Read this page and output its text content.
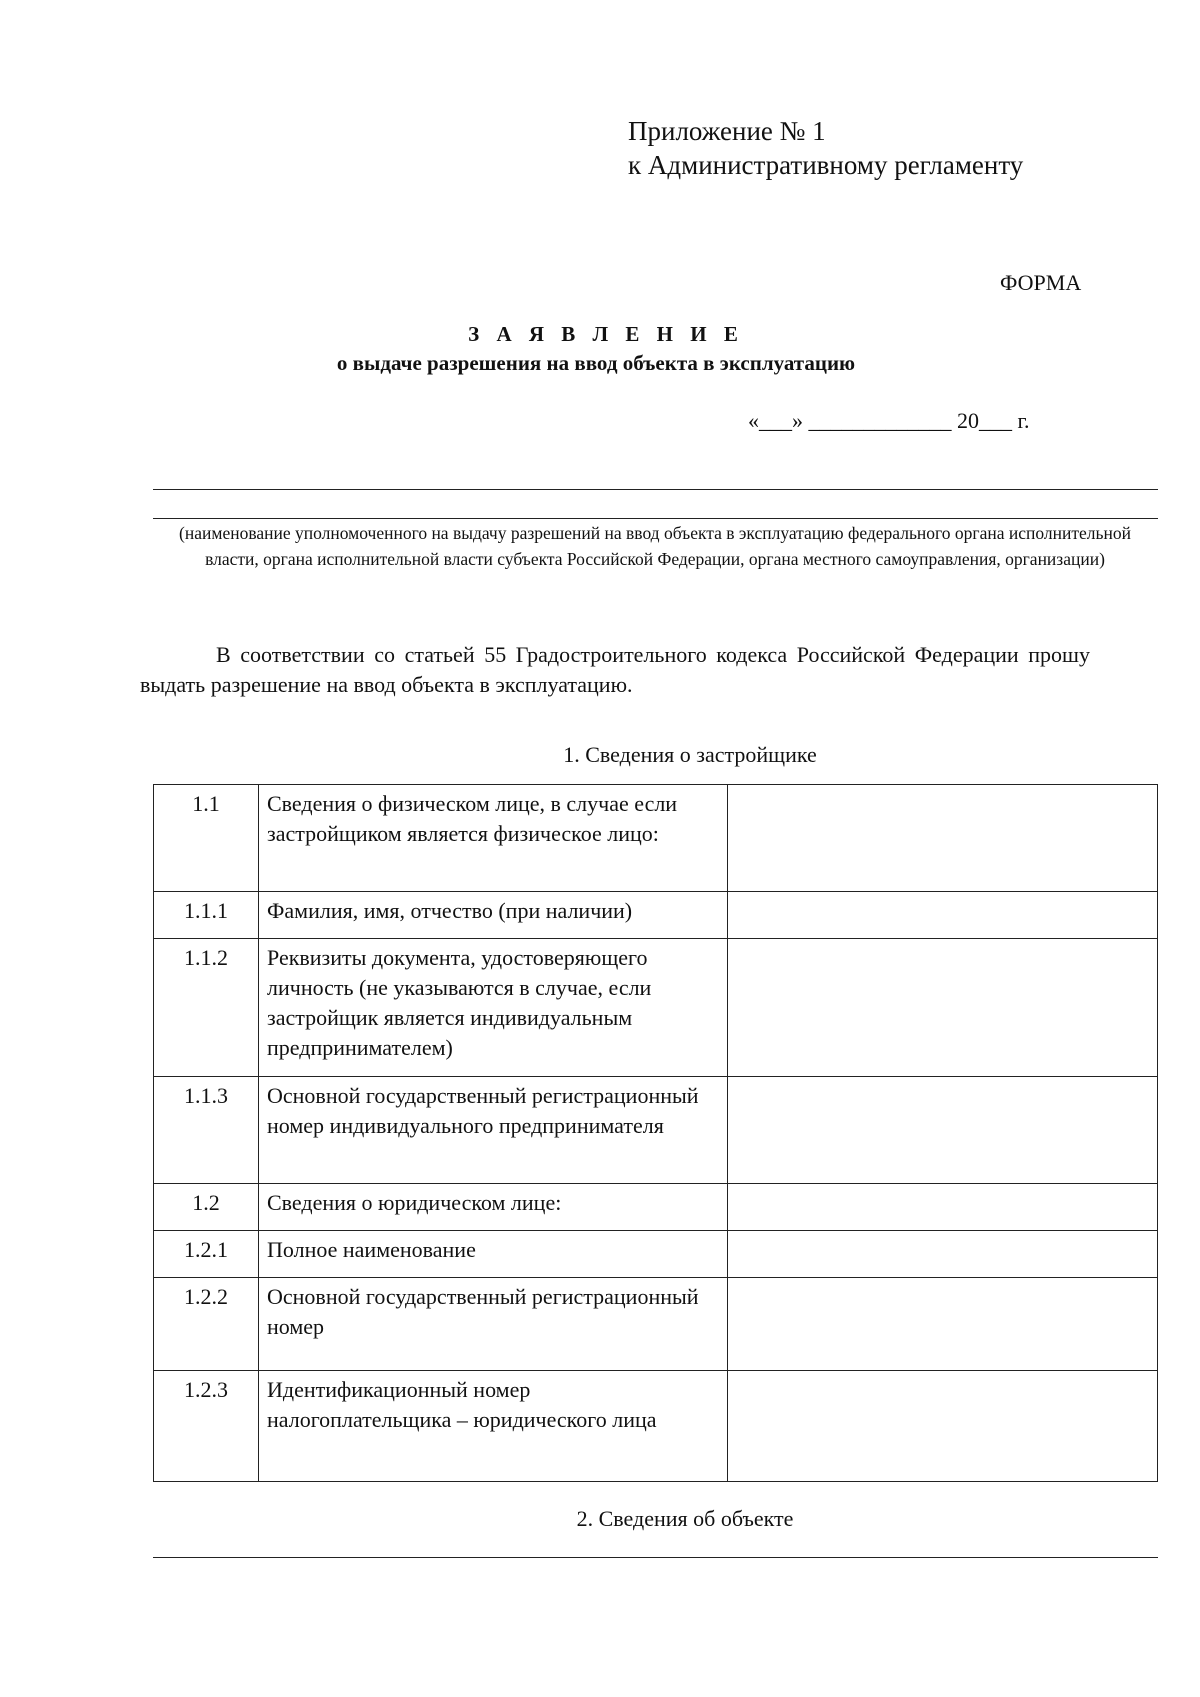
Приложение № 1
к Административному регламенту
ФОРМА
З А Я В Л Е Н И Е
о выдаче разрешения на ввод объекта в эксплуатацию
«___» _____________ 20___ г.
(наименование уполномоченного на выдачу разрешений на ввод объекта в эксплуатацию федерального органа исполнительной власти, органа исполнительной власти субъекта Российской Федерации, органа местного самоуправления, организации)
В соответствии со статьей 55 Градостроительного кодекса Российской Федерации прошу выдать разрешение на ввод объекта в эксплуатацию.
1. Сведения о застройщике
1.1	Сведения о физическом лице, в случае если застройщиком является физическое лицо:	
1.1.1	Фамилия, имя, отчество (при наличии)	
1.1.2	Реквизиты документа, удостоверяющего личность (не указываются в случае, если застройщик является индивидуальным предпринимателем)	
1.1.3	Основной государственный регистрационный номер индивидуального предпринимателя	
1.2	Сведения о юридическом лице:	
1.2.1	Полное наименование	
1.2.2	Основной государственный регистрационный номер	
1.2.3	Идентификационный номер налогоплательщика – юридического лица	
2. Сведения об объекте
